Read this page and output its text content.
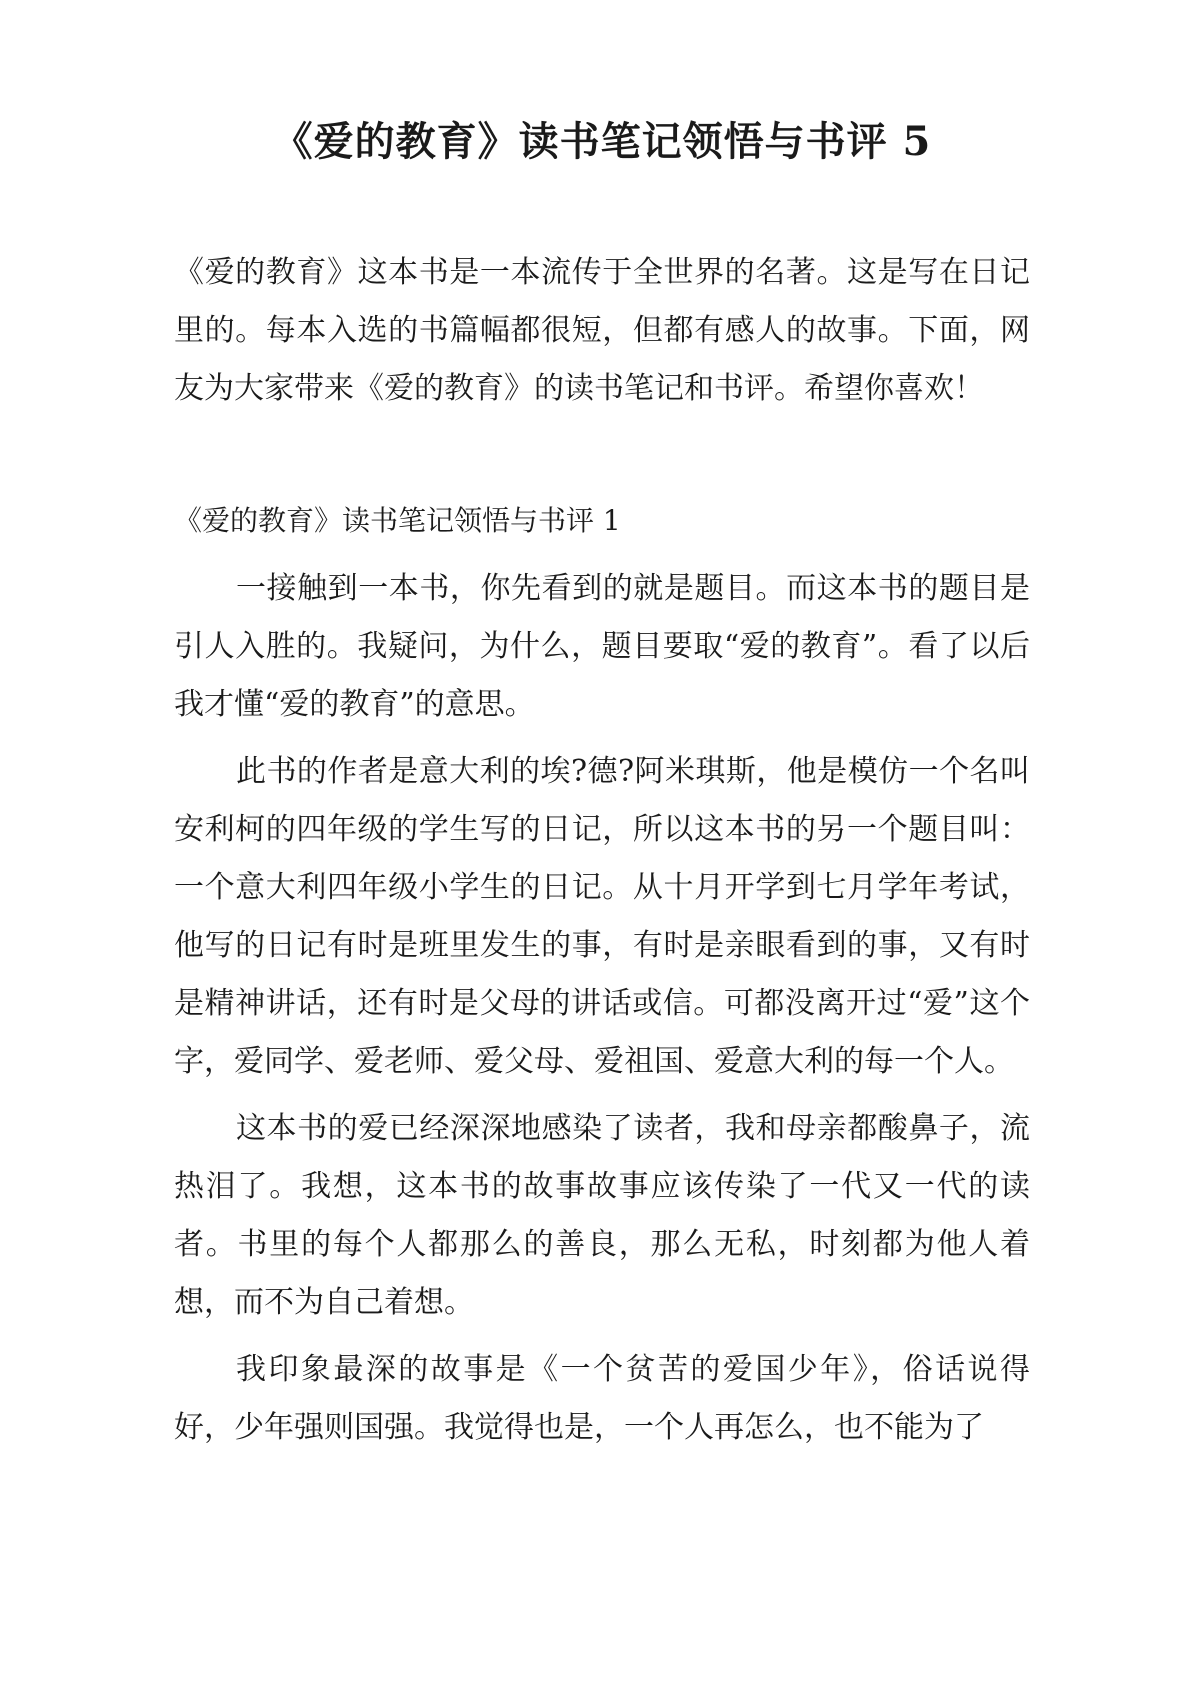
《爱的教育》读书笔记领悟与书评 5

《爱的教育》这本书是一本流传于全世界的名著。这是写在日记里的。每本入选的书篇幅都很短，但都有感人的故事。下面，网友为大家带来《爱的教育》的读书笔记和书评。希望你喜欢！

《爱的教育》读书笔记领悟与书评 1

一接触到一本书，你先看到的就是题目。而这本书的题目是引人入胜的。我疑问，为什么，题目要取“爱的教育”。看了以后我才懂“爱的教育”的意思。

此书的作者是意大利的埃?德?阿米琪斯，他是模仿一个名叫安利柯的四年级的学生写的日记，所以这本书的另一个题目叫：一个意大利四年级小学生的日记。从十月开学到七月学年考试，他写的日记有时是班里发生的事，有时是亲眼看到的事，又有时是精神讲话，还有时是父母的讲话或信。可都没离开过“爱”这个字，爱同学、爱老师、爱父母、爱祖国、爱意大利的每一个人。

这本书的爱已经深深地感染了读者，我和母亲都酸鼻子，流热泪了。我想，这本书的故事故事应该传染了一代又一代的读者。书里的每个人都那么的善良，那么无私，时刻都为他人着想，而不为自己着想。

我印象最深的故事是《一个贫苦的爱国少年》，俗话说得好，少年强则国强。我觉得也是，一个人再怎么，也不能为了
